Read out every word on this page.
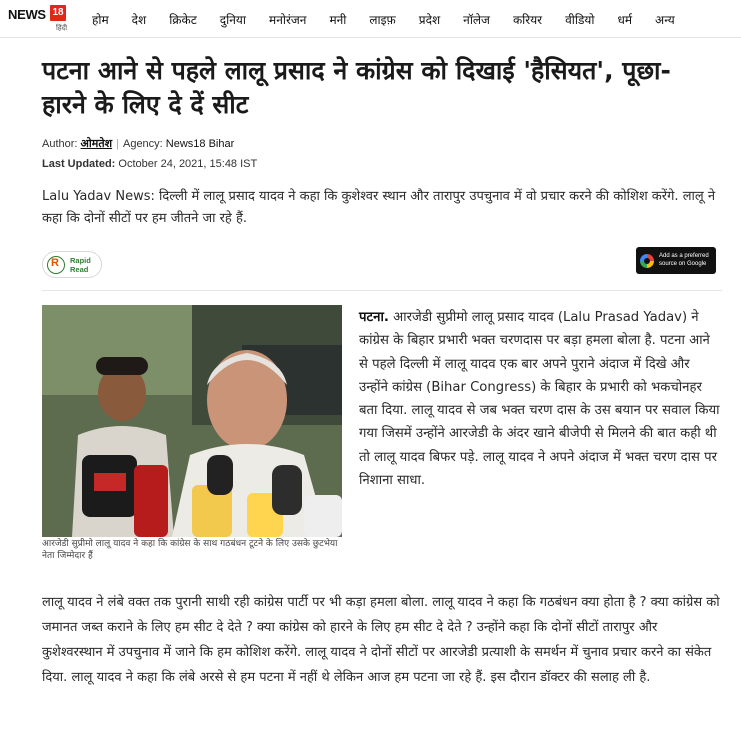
NEWS 18
हिंदी
होम देश क्रिकेट दुनिया मनोरंजन मनी लाइफ़ प्रदेश नॉलेज करियर वीडियो धर्म अन्य
पटना आने से पहले लालू प्रसाद ने कांग्रेस को दिखाई 'हैसियत', पूछा- हारने के लिए दे दें सीट
Author: ओमतेश | Agency: News18 Bihar
Last Updated: October 24, 2021, 15:48 IST

Lalu Yadav News: दिल्ली में लालू प्रसाद यादव ने कहा कि कुशेश्वर स्थान और तारापुर उपचुनाव में वो प्रचार करने की कोशिश करेंगे. लालू ने कहा कि दोनों सीटों पर हम जीतने जा रहे हैं.

R
Rapid
Read
Add as a preferred
source on Google

आरजेडी सुप्रीमो लालू यादव ने कहा कि कांग्रेस के साथ गठबंधन टूटने के लिए उसके छुटभेया नेता जिम्मेदार हैं

पटना. आरजेडी सुप्रीमो लालू प्रसाद यादव (Lalu Prasad Yadav) ने कांग्रेस के बिहार प्रभारी भक्त चरणदास पर बड़ा हमला बोला है. पटना आने से पहले दिल्ली में लालू यादव एक बार अपने पुराने अंदाज में दिखे और उन्होंने कांग्रेस (Bihar Congress) के बिहार के प्रभारी को भकचोनहर बता दिया. लालू यादव से जब भक्त चरण दास के उस बयान पर सवाल किया गया जिसमें उन्होंने आरजेडी के अंदर खाने बीजेपी से मिलने की बात कही थी तो लालू यादव बिफर पड़े. लालू यादव ने अपने अंदाज में भक्त चरण दास पर निशाना साधा.

लालू यादव ने लंबे वक्त तक पुरानी साथी रही कांग्रेस पार्टी पर भी कड़ा हमला बोला. लालू यादव ने कहा कि गठबंधन क्या होता है ? क्या कांग्रेस को जमानत जब्त कराने के लिए हम सीट दे देते ? क्या कांग्रेस को हारने के लिए हम सीट दे देते ? उन्होंने कहा कि दोनों सीटों तारापुर और कुशेश्वरस्थान में उपचुनाव में जाने कि हम कोशिश करेंगे. लालू यादव ने दोनों सीटों पर आरजेडी प्रत्याशी के समर्थन में चुनाव प्रचार करने का संकेत दिया. लालू यादव ने कहा कि लंबे अरसे से हम पटना में नहीं थे लेकिन आज हम पटना जा रहे हैं. इस दौरान डॉक्टर की सलाह ली है.
